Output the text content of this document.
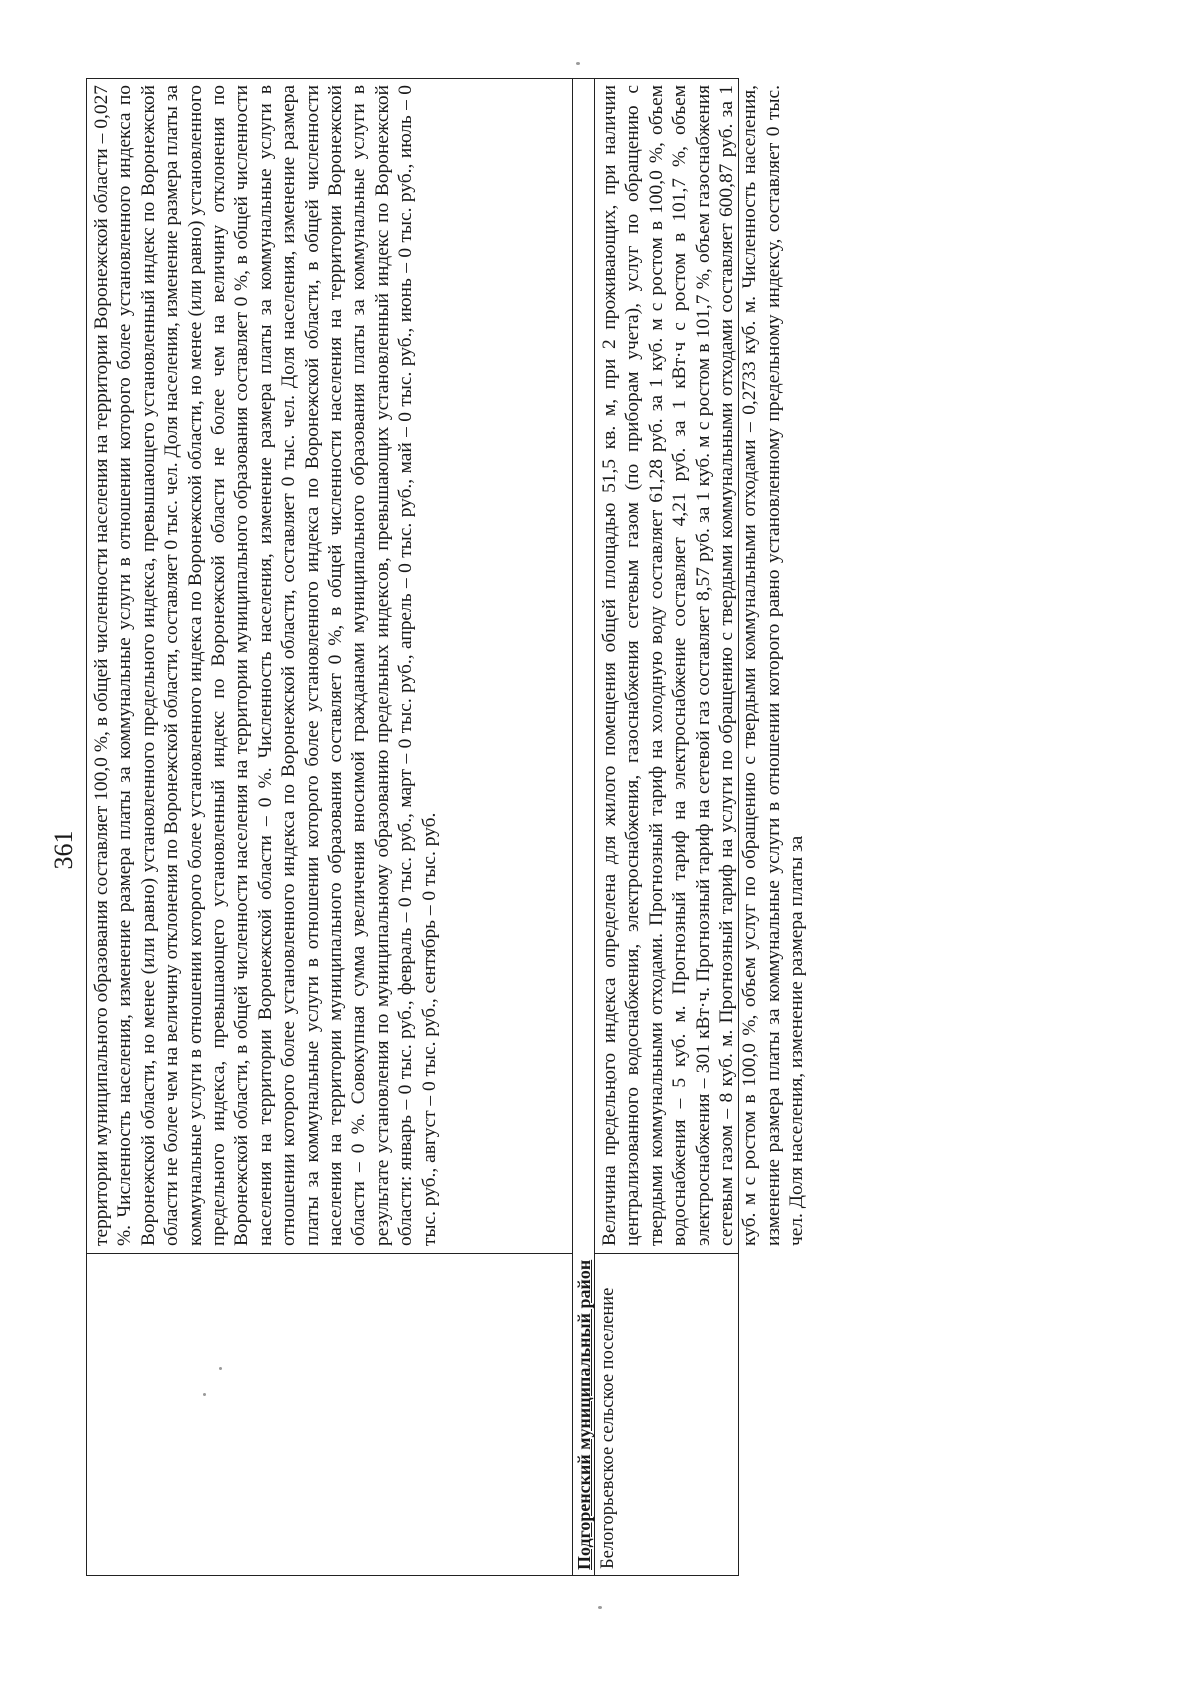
361 территории муниципального образования составляет 100,0 %, в общей численности населения на территории Воронежской области – 0,027 %. Численность населения, изменение размера платы за коммунальные услуги в отношении которого более установленного индекса по Воронежской области, но менее (или равно) установленного предельного индекса, превышающего установленный индекс по Воронежской области не более чем на величину отклонения по Воронежской области, составляет 0 тыс. чел. Доля населения, изменение размера платы за коммунальные услуги в отношении которого более установленного индекса по Воронежской области, но менее (или равно) установленного предельного индекса, превышающего установленный индекс по Воронежской области не более чем на величину отклонения по Воронежской области, в общей численности населения на территории муниципального образования составляет 0 %, в общей численности населения на территории Воронежской области – 0 %. Численность населения, изменение размера платы за коммунальные услуги в отношении которого более установленного индекса по Воронежской области, составляет 0 тыс. чел. Доля населения, изменение размера платы за коммунальные услуги в отношении которого более установленного индекса по Воронежской области, в общей численности населения на территории муниципального образования составляет 0 %, в общей численности населения на территории Воронежской области – 0 %. Совокупная сумма увеличения вносимой гражданами муниципального образования платы за коммунальные услуги в результате установления по муниципальному образованию предельных индексов, превышающих установленный индекс по Воронежской области: январь – 0 тыс. руб., февраль – 0 тыс. руб., март – 0 тыс. руб., апрель – 0 тыс. руб., май – 0 тыс. руб., июнь – 0 тыс. руб., июль – 0 тыс. руб., август – 0 тыс. руб., сентябрь – 0 тыс. руб.

Подгоренский муниципальный район Белогорьевское сельское поселение

Величина предельного индекса определена для жилого помещения общей площадью 51,5 кв. м, при 2 проживающих, при наличии централизованного водоснабжения, электроснабжения, газоснабжения сетевым газом (по приборам учета), услуг по обращению с твердыми коммунальными отходами. Прогнозный тариф на холодную воду составляет 61,28 руб. за 1 куб. м с ростом в 100,0 %, объем водоснабжения – 5 куб. м. Прогнозный тариф на электроснабжение составляет 4,21 руб. за 1 кВт·ч с ростом в 101,7 %, объем электроснабжения – 301 кВт·ч. Прогнозный тариф на сетевой газ составляет 8,57 руб. за 1 куб. м с ростом в 101,7 %, объем газоснабжения сетевым газом – 8 куб. м. Прогнозный тариф на услуги по обращению с твердыми коммунальными отходами составляет 600,87 руб. за 1 куб. м с ростом в 100,0 %, объем услуг по обращению с твердыми коммунальными отходами – 0,2733 куб. м. Численность населения, изменение размера платы за коммунальные услуги в отношении которого равно установленному предельному индексу, составляет 0 тыс. чел. Доля населения, изменение размера платы за
